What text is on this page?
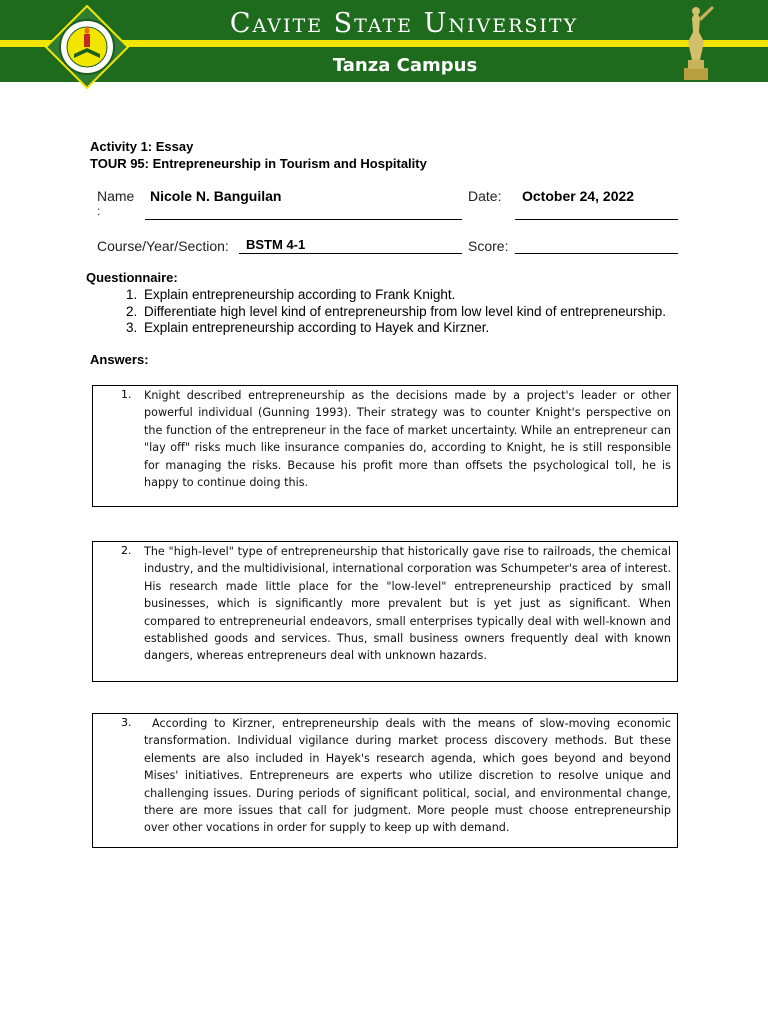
Cavite State University
Tanza Campus
Activity 1: Essay
TOUR 95: Entrepreneurship in Tourism and Hospitality
Name
:
Nicole N. Banguilan	Date: October 24, 2022
Course/Year/Section: BSTM 4-1	Score:
Questionnaire:
1. Explain entrepreneurship according to Frank Knight.
2. Differentiate high level kind of entrepreneurship from low level kind of entrepreneurship.
3. Explain entrepreneurship according to Hayek and Kirzner.
Answers:
1. Knight described entrepreneurship as the decisions made by a project's leader or other powerful individual (Gunning 1993). Their strategy was to counter Knight's perspective on the function of the entrepreneur in the face of market uncertainty. While an entrepreneur can "lay off" risks much like insurance companies do, according to Knight, he is still responsible for managing the risks. Because his profit more than offsets the psychological toll, he is happy to continue doing this.
2. The "high-level" type of entrepreneurship that historically gave rise to railroads, the chemical industry, and the multidivisional, international corporation was Schumpeter's area of interest. His research made little place for the "low-level" entrepreneurship practiced by small businesses, which is significantly more prevalent but is yet just as significant. When compared to entrepreneurial endeavors, small enterprises typically deal with well-known and established goods and services. Thus, small business owners frequently deal with known dangers, whereas entrepreneurs deal with unknown hazards.
3.	According to Kirzner, entrepreneurship deals with the means of slow-moving economic transformation. Individual vigilance during market process discovery methods. But these elements are also included in Hayek's research agenda, which goes beyond and beyond Mises' initiatives. Entrepreneurs are experts who utilize discretion to resolve unique and challenging issues. During periods of significant political, social, and environmental change, there are more issues that call for judgment. More people must choose entrepreneurship over other vocations in order for supply to keep up with demand.
